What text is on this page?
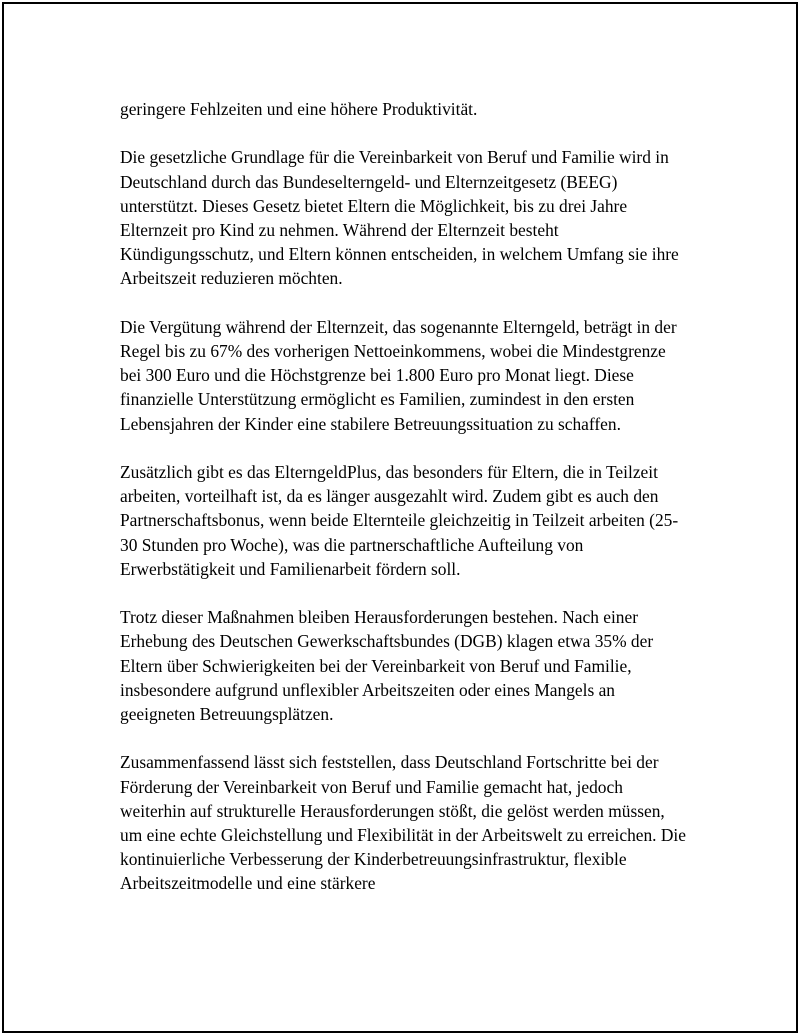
geringere Fehlzeiten und eine höhere Produktivität.

Die gesetzliche Grundlage für die Vereinbarkeit von Beruf und Familie wird in Deutschland durch das Bundeselterngeld- und Elternzeitgesetz (BEEG) unterstützt. Dieses Gesetz bietet Eltern die Möglichkeit, bis zu drei Jahre Elternzeit pro Kind zu nehmen. Während der Elternzeit besteht Kündigungsschutz, und Eltern können entscheiden, in welchem Umfang sie ihre Arbeitszeit reduzieren möchten.

Die Vergütung während der Elternzeit, das sogenannte Elterngeld, beträgt in der Regel bis zu 67% des vorherigen Nettoeinkommens, wobei die Mindestgrenze bei 300 Euro und die Höchstgrenze bei 1.800 Euro pro Monat liegt. Diese finanzielle Unterstützung ermöglicht es Familien, zumindest in den ersten Lebensjahren der Kinder eine stabilere Betreuungssituation zu schaffen.

Zusätzlich gibt es das ElterngeldPlus, das besonders für Eltern, die in Teilzeit arbeiten, vorteilhaft ist, da es länger ausgezahlt wird. Zudem gibt es auch den Partnerschaftsbonus, wenn beide Elternteile gleichzeitig in Teilzeit arbeiten (25-30 Stunden pro Woche), was die partnerschaftliche Aufteilung von Erwerbstätigkeit und Familienarbeit fördern soll.

Trotz dieser Maßnahmen bleiben Herausforderungen bestehen. Nach einer Erhebung des Deutschen Gewerkschaftsbundes (DGB) klagen etwa 35% der Eltern über Schwierigkeiten bei der Vereinbarkeit von Beruf und Familie, insbesondere aufgrund unflexibler Arbeitszeiten oder eines Mangels an geeigneten Betreuungsplätzen.

Zusammenfassend lässt sich feststellen, dass Deutschland Fortschritte bei der Förderung der Vereinbarkeit von Beruf und Familie gemacht hat, jedoch weiterhin auf strukturelle Herausforderungen stößt, die gelöst werden müssen, um eine echte Gleichstellung und Flexibilität in der Arbeitswelt zu erreichen. Die kontinuierliche Verbesserung der Kinderbetreuungsinfrastruktur, flexible Arbeitszeitmodelle und eine stärkere
